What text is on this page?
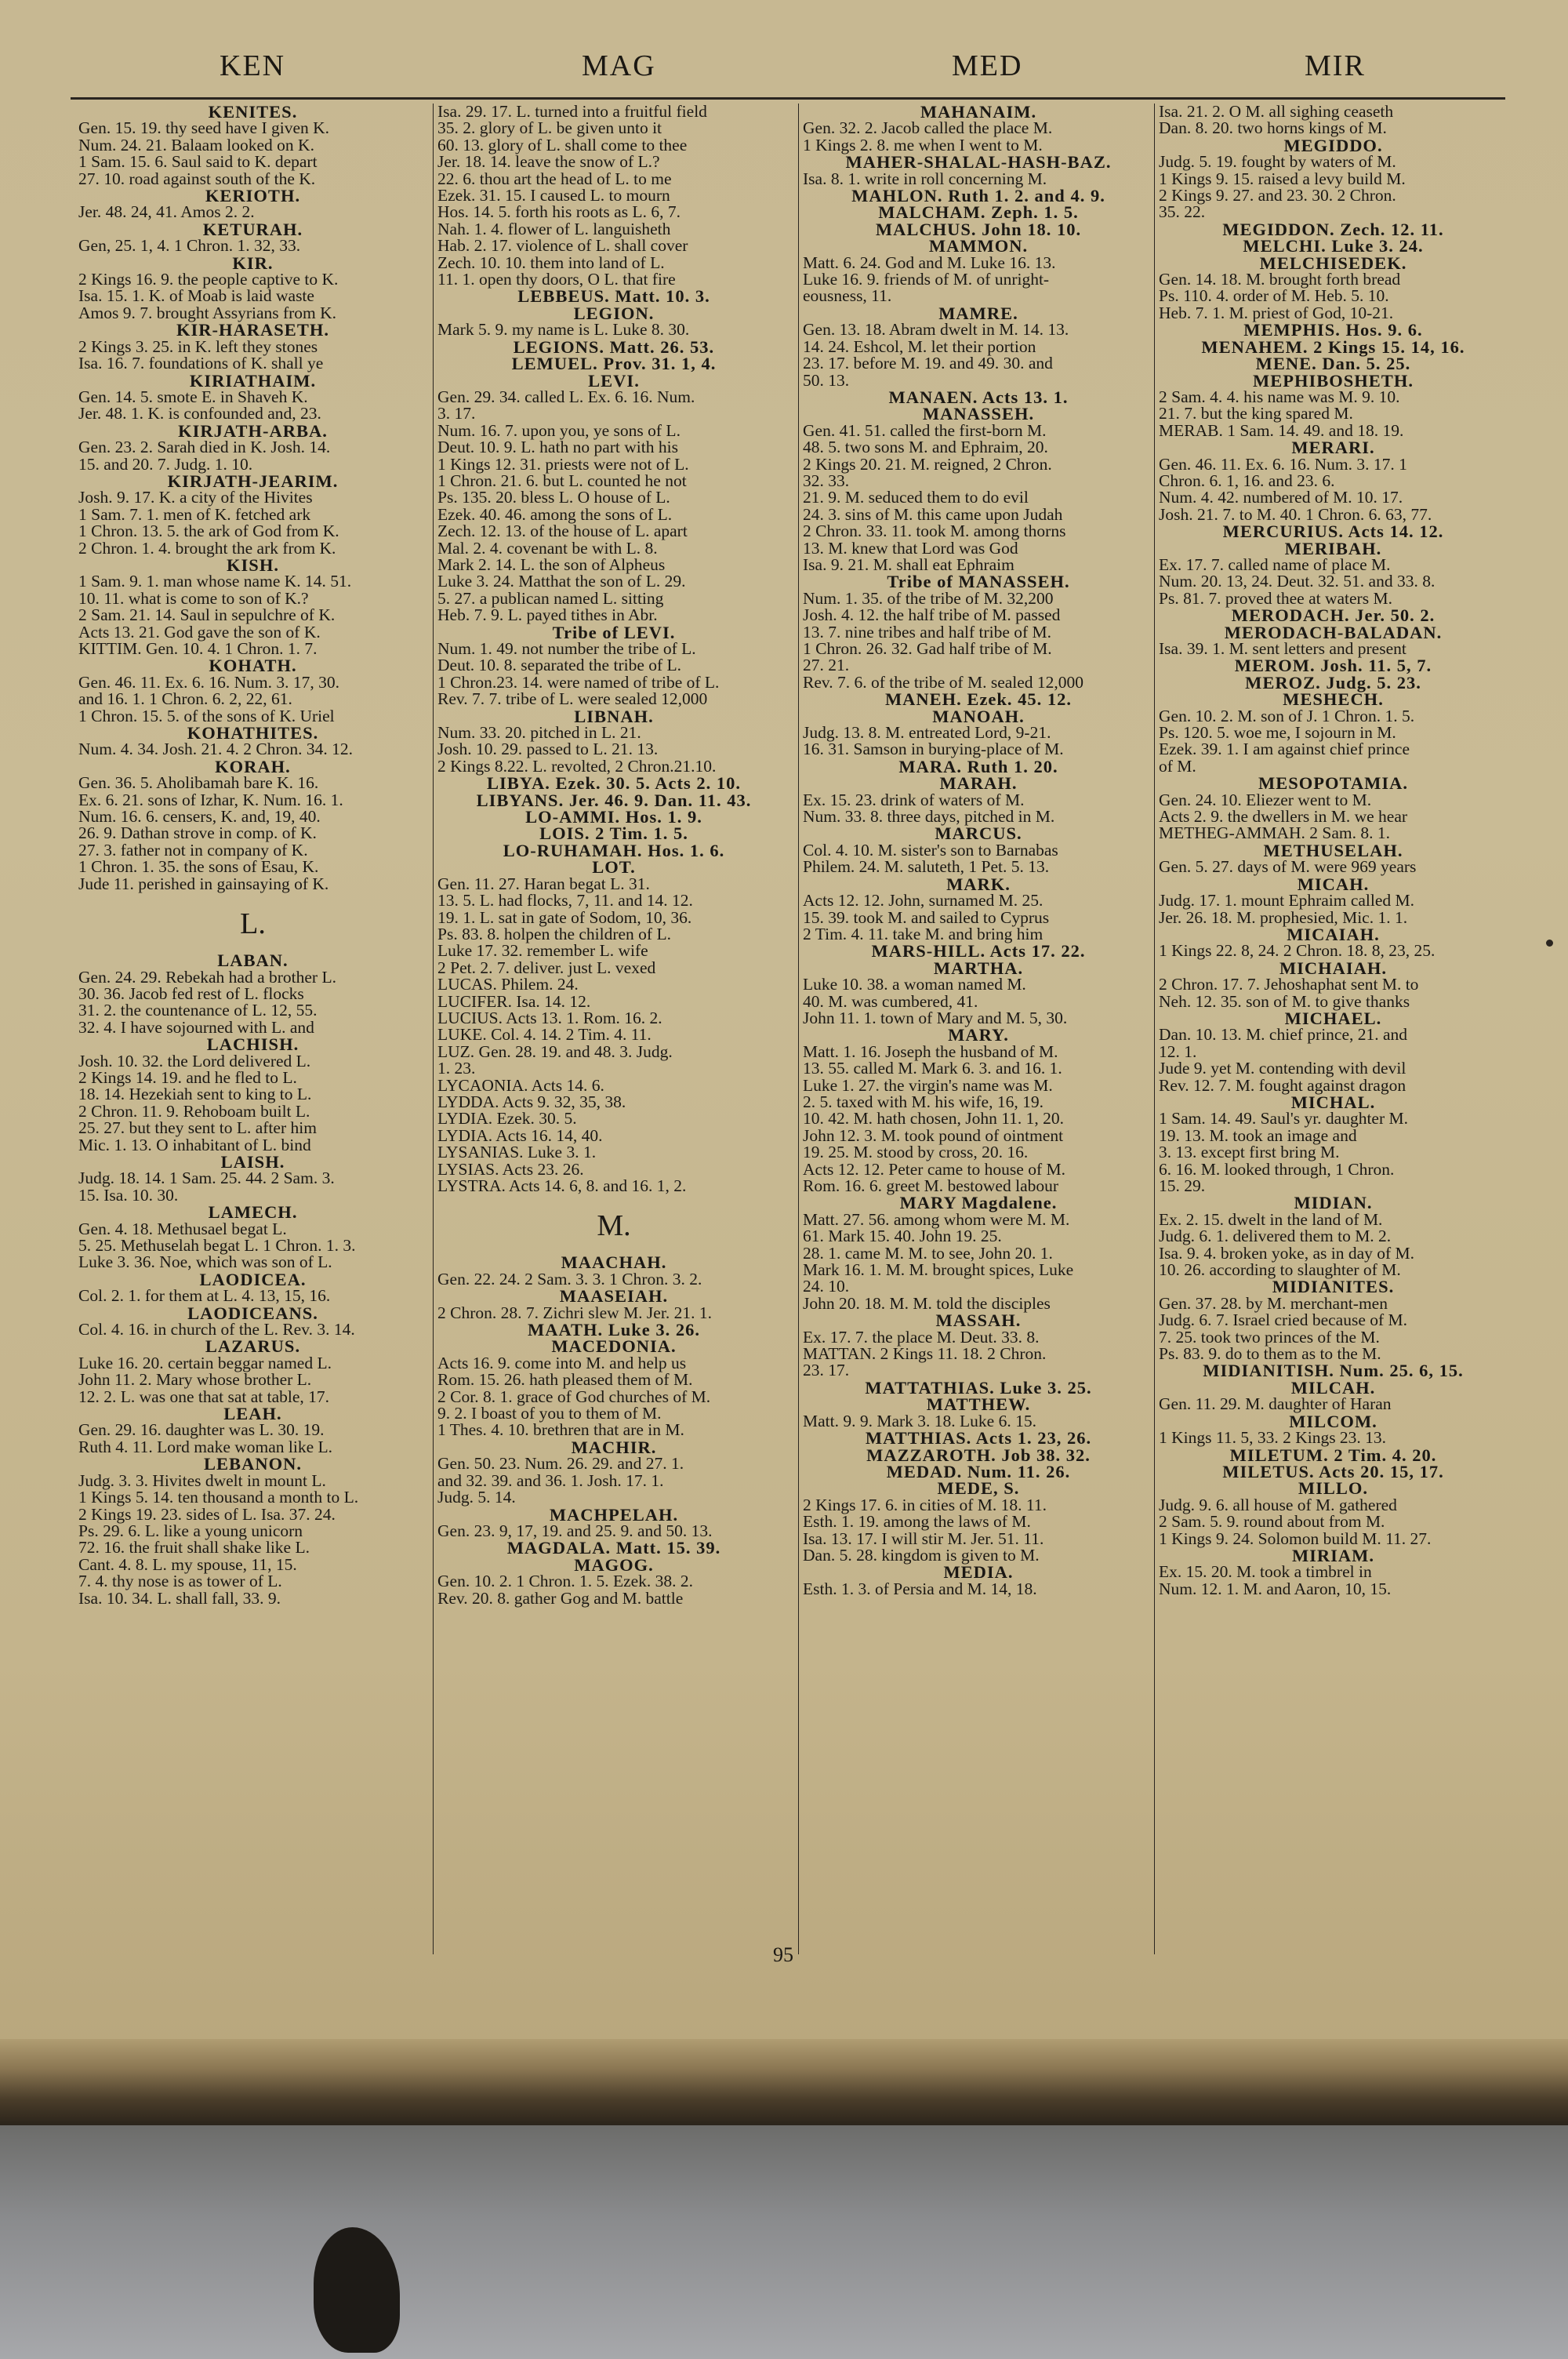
KEN	MAG	MED	MIR
KENITES.
Gen. 15. 19. thy seed have I given K.
Num. 24. 21. Balaam looked on K.
1 Sam. 15. 6. Saul said to K. depart
27. 10. road against south of the K.
KERIOTH.
Jer. 48. 24, 41. Amos 2. 2.
KETURAH.
Gen, 25. 1, 4. 1 Chron. 1. 32, 33.
KIR.
2 Kings 16. 9. the people captive to K.
Isa. 15. 1. K. of Moab is laid waste
Amos 9. 7. brought Assyrians from K.
KIR-HARASETH.
2 Kings 3. 25. in K. left they stones
Isa. 16. 7. foundations of K. shall ye
KIRIATHAIM.
Gen. 14. 5. smote E. in Shaveh K.
Jer. 48. 1. K. is confounded and, 23.
KIRJATH-ARBA.
Gen. 23. 2. Sarah died in K. Josh. 14.
15. and 20. 7. Judg. 1. 10.
KIRJATH-JEARIM.
Josh. 9. 17. K. a city of the Hivites
1 Sam. 7. 1. men of K. fetched ark
1 Chron. 13. 5. the ark of God from K.
2 Chron. 1. 4. brought the ark from K.
KISH.
1 Sam. 9. 1. man whose name K. 14. 51.
10. 11. what is come to son of K.?
2 Sam. 21. 14. Saul in sepulchre of K.
Acts 13. 21. God gave the son of K.
KITTIM. Gen. 10. 4. 1 Chron. 1. 7.
KOHATH.
Gen. 46. 11. Ex. 6. 16. Num. 3. 17, 30.
and 16. 1. 1 Chron. 6. 2, 22, 61.
1 Chron. 15. 5. of the sons of K. Uriel
KOHATHITES.
Num. 4. 34. Josh. 21. 4. 2 Chron. 34. 12.
KORAH.
Gen. 36. 5. Aholibamah bare K. 16.
Ex. 6. 21. sons of Izhar, K. Num. 16. 1.
Num. 16. 6. censers, K. and, 19, 40.
26. 9. Dathan strove in comp. of K.
27. 3. father not in company of K.
1 Chron. 1. 35. the sons of Esau, K.
Jude 11. perished in gainsaying of K.
L.
LABAN.
Gen. 24. 29. Rebekah had a brother L.
30. 36. Jacob fed rest of L. flocks
31. 2. the countenance of L. 12, 55.
32. 4. I have sojourned with L. and
LACHISH.
Josh. 10. 32. the Lord delivered L.
2 Kings 14. 19. and he fled to L.
18. 14. Hezekiah sent to king to L.
2 Chron. 11. 9. Rehoboam built L.
25. 27. but they sent to L. after him
Mic. 1. 13. O inhabitant of L. bind
LAISH.
Judg. 18. 14. 1 Sam. 25. 44. 2 Sam. 3.
15. Isa. 10. 30.
LAMECH.
Gen. 4. 18. Methusael begat L.
5. 25. Methuselah begat L. 1 Chron. 1. 3.
Luke 3. 36. Noe, which was son of L.
LAODICEA.
Col. 2. 1. for them at L. 4. 13, 15, 16.
LAODICEANS.
Col. 4. 16. in church of the L. Rev. 3. 14.
LAZARUS.
Luke 16. 20. certain beggar named L.
John 11. 2. Mary whose brother L.
12. 2. L. was one that sat at table, 17.
LEAH.
Gen. 29. 16. daughter was L. 30. 19.
Ruth 4. 11. Lord make woman like L.
LEBANON.
Judg. 3. 3. Hivites dwelt in mount L.
1 Kings 5. 14. ten thousand a month to L.
2 Kings 19. 23. sides of L. Isa. 37. 24.
Ps. 29. 6. L. like a young unicorn
72. 16. the fruit shall shake like L.
Cant. 4. 8. L. my spouse, 11, 15.
7. 4. thy nose is as tower of L.
Isa. 10. 34. L. shall fall, 33. 9.
Isa. 29. 17. L. turned into a fruitful field
35. 2. glory of L. be given unto it
60. 13. glory of L. shall come to thee
Jer. 18. 14. leave the snow of L.?
22. 6. thou art the head of L. to me
Ezek. 31. 15. I caused L. to mourn
Hos. 14. 5. forth his roots as L. 6, 7.
Nah. 1. 4. flower of L. languisheth
Hab. 2. 17. violence of L. shall cover
Zech. 10. 10. them into land of L.
11. 1. open thy doors, O L. that fire
LEBBEUS. Matt. 10. 3.
LEGION.
Mark 5. 9. my name is L. Luke 8. 30.
LEGIONS. Matt. 26. 53.
LEMUEL. Prov. 31. 1, 4.
LEVI.
Gen. 29. 34. called L. Ex. 6. 16. Num.
3. 17.
Num. 16. 7. upon you, ye sons of L.
Deut. 10. 9. L. hath no part with his
1 Kings 12. 31. priests were not of L.
1 Chron. 21. 6. but L. counted he not
Ps. 135. 20. bless L. O house of L.
Ezek. 40. 46. among the sons of L.
Zech. 12. 13. of the house of L. apart
Mal. 2. 4. covenant be with L. 8.
Mark 2. 14. L. the son of Alpheus
Luke 3. 24. Matthat the son of L. 29.
5. 27. a publican named L. sitting
Heb. 7. 9. L. payed tithes in Abr.
Tribe of LEVI.
Num. 1. 49. not number the tribe of L.
Deut. 10. 8. separated the tribe of L.
1 Chron.23. 14. were named of tribe of L.
Rev. 7. 7. tribe of L. were sealed 12,000
LIBNAH.
Num. 33. 20. pitched in L. 21.
Josh. 10. 29. passed to L. 21. 13.
2 Kings 8.22. L. revolted, 2 Chron.21.10.
LIBYA. Ezek. 30. 5. Acts 2. 10.
LIBYANS. Jer. 46. 9. Dan. 11. 43.
LO-AMMI. Hos. 1. 9.
LOIS. 2 Tim. 1. 5.
LO-RUHAMAH. Hos. 1. 6.
LOT.
Gen. 11. 27. Haran begat L. 31.
13. 5. L. had flocks, 7, 11. and 14. 12.
19. 1. L. sat in gate of Sodom, 10, 36.
Ps. 83. 8. holpen the children of L.
Luke 17. 32. remember L. wife
2 Pet. 2. 7. deliver. just L. vexed
LUCAS. Philem. 24.
LUCIFER. Isa. 14. 12.
LUCIUS. Acts 13. 1. Rom. 16. 2.
LUKE. Col. 4. 14. 2 Tim. 4. 11.
LUZ. Gen. 28. 19. and 48. 3. Judg.
1. 23.
LYCAONIA. Acts 14. 6.
LYDDA. Acts 9. 32, 35, 38.
LYDIA. Ezek. 30. 5.
LYDIA. Acts 16. 14, 40.
LYSANIAS. Luke 3. 1.
LYSIAS. Acts 23. 26.
LYSTRA. Acts 14. 6, 8. and 16. 1, 2.
M.
MAACHAH.
Gen. 22. 24. 2 Sam. 3. 3. 1 Chron. 3. 2.
MAASEIAH.
2 Chron. 28. 7. Zichri slew M. Jer. 21. 1.
MAATH. Luke 3. 26.
MACEDONIA.
Acts 16. 9. come into M. and help us
Rom. 15. 26. hath pleased them of M.
2 Cor. 8. 1. grace of God churches of M.
9. 2. I boast of you to them of M.
1 Thes. 4. 10. brethren that are in M.
MACHIR.
Gen. 50. 23. Num. 26. 29. and 27. 1.
and 32. 39. and 36. 1. Josh. 17. 1.
Judg. 5. 14.
MACHPELAH.
Gen. 23. 9, 17, 19. and 25. 9. and 50. 13.
MAGDALA. Matt. 15. 39.
MAGOG.
Gen. 10. 2. 1 Chron. 1. 5. Ezek. 38. 2.
Rev. 20. 8. gather Gog and M. battle
MAHANAIM.
Gen. 32. 2. Jacob called the place M.
1 Kings 2. 8. me when I went to M.
MAHER-SHALAL-HASH-BAZ.
Isa. 8. 1. write in roll concerning M.
MAHLON. Ruth 1. 2. and 4. 9.
MALCHAM. Zeph. 1. 5.
MALCHUS. John 18. 10.
MAMMON.
Matt. 6. 24. God and M. Luke 16. 13.
Luke 16. 9. friends of M. of unright-
eousness, 11.
MAMRE.
Gen. 13. 18. Abram dwelt in M. 14. 13.
14. 24. Eshcol, M. let their portion
23. 17. before M. 19. and 49. 30. and
50. 13.
MANAEN. Acts 13. 1.
MANASSEH.
Gen. 41. 51. called the first-born M.
48. 5. two sons M. and Ephraim, 20.
2 Kings 20. 21. M. reigned, 2 Chron.
32. 33.
21. 9. M. seduced them to do evil
24. 3. sins of M. this came upon Judah
2 Chron. 33. 11. took M. among thorns
13. M. knew that Lord was God
Isa. 9. 21. M. shall eat Ephraim
Tribe of MANASSEH.
Num. 1. 35. of the tribe of M. 32,200
Josh. 4. 12. the half tribe of M. passed
13. 7. nine tribes and half tribe of M.
1 Chron. 26. 32. Gad half tribe of M.
27. 21.
Rev. 7. 6. of the tribe of M. sealed 12,000
MANEH. Ezek. 45. 12.
MANOAH.
Judg. 13. 8. M. entreated Lord, 9-21.
16. 31. Samson in burying-place of M.
MARA. Ruth 1. 20.
MARAH.
Ex. 15. 23. drink of waters of M.
Num. 33. 8. three days, pitched in M.
MARCUS.
Col. 4. 10. M. sister's son to Barnabas
Philem. 24. M. saluteth, 1 Pet. 5. 13.
MARK.
Acts 12. 12. John, surnamed M. 25.
15. 39. took M. and sailed to Cyprus
2 Tim. 4. 11. take M. and bring him
MARS-HILL. Acts 17. 22.
MARTHA.
Luke 10. 38. a woman named M.
40. M. was cumbered, 41.
John 11. 1. town of Mary and M. 5, 30.
MARY.
Matt. 1. 16. Joseph the husband of M.
13. 55. called M. Mark 6. 3. and 16. 1.
Luke 1. 27. the virgin's name was M.
2. 5. taxed with M. his wife, 16, 19.
10. 42. M. hath chosen, John 11. 1, 20.
John 12. 3. M. took pound of ointment
19. 25. M. stood by cross, 20. 16.
Acts 12. 12. Peter came to house of M.
Rom. 16. 6. greet M. bestowed labour
MARY Magdalene.
Matt. 27. 56. among whom were M. M.
61. Mark 15. 40. John 19. 25.
28. 1. came M. M. to see, John 20. 1.
Mark 16. 1. M. M. brought spices, Luke
24. 10.
John 20. 18. M. M. told the disciples
MASSAH.
Ex. 17. 7. the place M. Deut. 33. 8.
MATTAN. 2 Kings 11. 18. 2 Chron.
23. 17.
MATTATHIAS. Luke 3. 25.
MATTHEW.
Matt. 9. 9. Mark 3. 18. Luke 6. 15.
MATTHIAS. Acts 1. 23, 26.
MAZZAROTH. Job 38. 32.
MEDAD. Num. 11. 26.
MEDE, S.
2 Kings 17. 6. in cities of M. 18. 11.
Esth. 1. 19. among the laws of M.
Isa. 13. 17. I will stir M. Jer. 51. 11.
Dan. 5. 28. kingdom is given to M.
MEDIA.
Esth. 1. 3. of Persia and M. 14, 18.
Isa. 21. 2. O M. all sighing ceaseth
Dan. 8. 20. two horns kings of M.
MEGIDDO.
Judg. 5. 19. fought by waters of M.
1 Kings 9. 15. raised a levy build M.
2 Kings 9. 27. and 23. 30. 2 Chron.
35. 22.
MEGIDDON. Zech. 12. 11.
MELCHI. Luke 3. 24.
MELCHISEDEK.
Gen. 14. 18. M. brought forth bread
Ps. 110. 4. order of M. Heb. 5. 10.
Heb. 7. 1. M. priest of God, 10-21.
MEMPHIS. Hos. 9. 6.
MENAHEM. 2 Kings 15. 14, 16.
MENE. Dan. 5. 25.
MEPHIBOSHETH.
2 Sam. 4. 4. his name was M. 9. 10.
21. 7. but the king spared M.
MERAB. 1 Sam. 14. 49. and 18. 19.
MERARI.
Gen. 46. 11. Ex. 6. 16. Num. 3. 17. 1
Chron. 6. 1, 16. and 23. 6.
Num. 4. 42. numbered of M. 10. 17.
Josh. 21. 7. to M. 40. 1 Chron. 6. 63, 77.
MERCURIUS. Acts 14. 12.
MERIBAH.
Ex. 17. 7. called name of place M.
Num. 20. 13, 24. Deut. 32. 51. and 33. 8.
Ps. 81. 7. proved thee at waters M.
MERODACH. Jer. 50. 2.
MERODACH-BALADAN.
Isa. 39. 1. M. sent letters and present
MEROM. Josh. 11. 5, 7.
MEROZ. Judg. 5. 23.
MESHECH.
Gen. 10. 2. M. son of J. 1 Chron. 1. 5.
Ps. 120. 5. woe me, I sojourn in M.
Ezek. 39. 1. I am against chief prince
of M.
MESOPOTAMIA.
Gen. 24. 10. Eliezer went to M.
Acts 2. 9. the dwellers in M. we hear
METHEG-AMMAH. 2 Sam. 8. 1.
METHUSELAH.
Gen. 5. 27. days of M. were 969 years
MICAH.
Judg. 17. 1. mount Ephraim called M.
Jer. 26. 18. M. prophesied, Mic. 1. 1.
MICAIAH.
1 Kings 22. 8, 24. 2 Chron. 18. 8, 23, 25.
MICHAIAH.
2 Chron. 17. 7. Jehoshaphat sent M. to
Neh. 12. 35. son of M. to give thanks
MICHAEL.
Dan. 10. 13. M. chief prince, 21. and
12. 1.
Jude 9. yet M. contending with devil
Rev. 12. 7. M. fought against dragon
MICHAL.
1 Sam. 14. 49. Saul's yr. daughter M.
19. 13. M. took an image and
3. 13. except first bring M.
6. 16. M. looked through, 1 Chron.
15. 29.
MIDIAN.
Ex. 2. 15. dwelt in the land of M.
Judg. 6. 1. delivered them to M. 2.
Isa. 9. 4. broken yoke, as in day of M.
10. 26. according to slaughter of M.
MIDIANITES.
Gen. 37. 28. by M. merchant-men
Judg. 6. 7. Israel cried because of M.
7. 25. took two princes of the M.
Ps. 83. 9. do to them as to the M.
MIDIANITISH. Num. 25. 6, 15.
MILCAH.
Gen. 11. 29. M. daughter of Haran
MILCOM.
1 Kings 11. 5, 33. 2 Kings 23. 13.
MILETUM. 2 Tim. 4. 20.
MILETUS. Acts 20. 15, 17.
MILLO.
Judg. 9. 6. all house of M. gathered
2 Sam. 5. 9. round about from M.
1 Kings 9. 24. Solomon build M. 11. 27.
MIRIAM.
Ex. 15. 20. M. took a timbrel in
Num. 12. 1. M. and Aaron, 10, 15.
95
